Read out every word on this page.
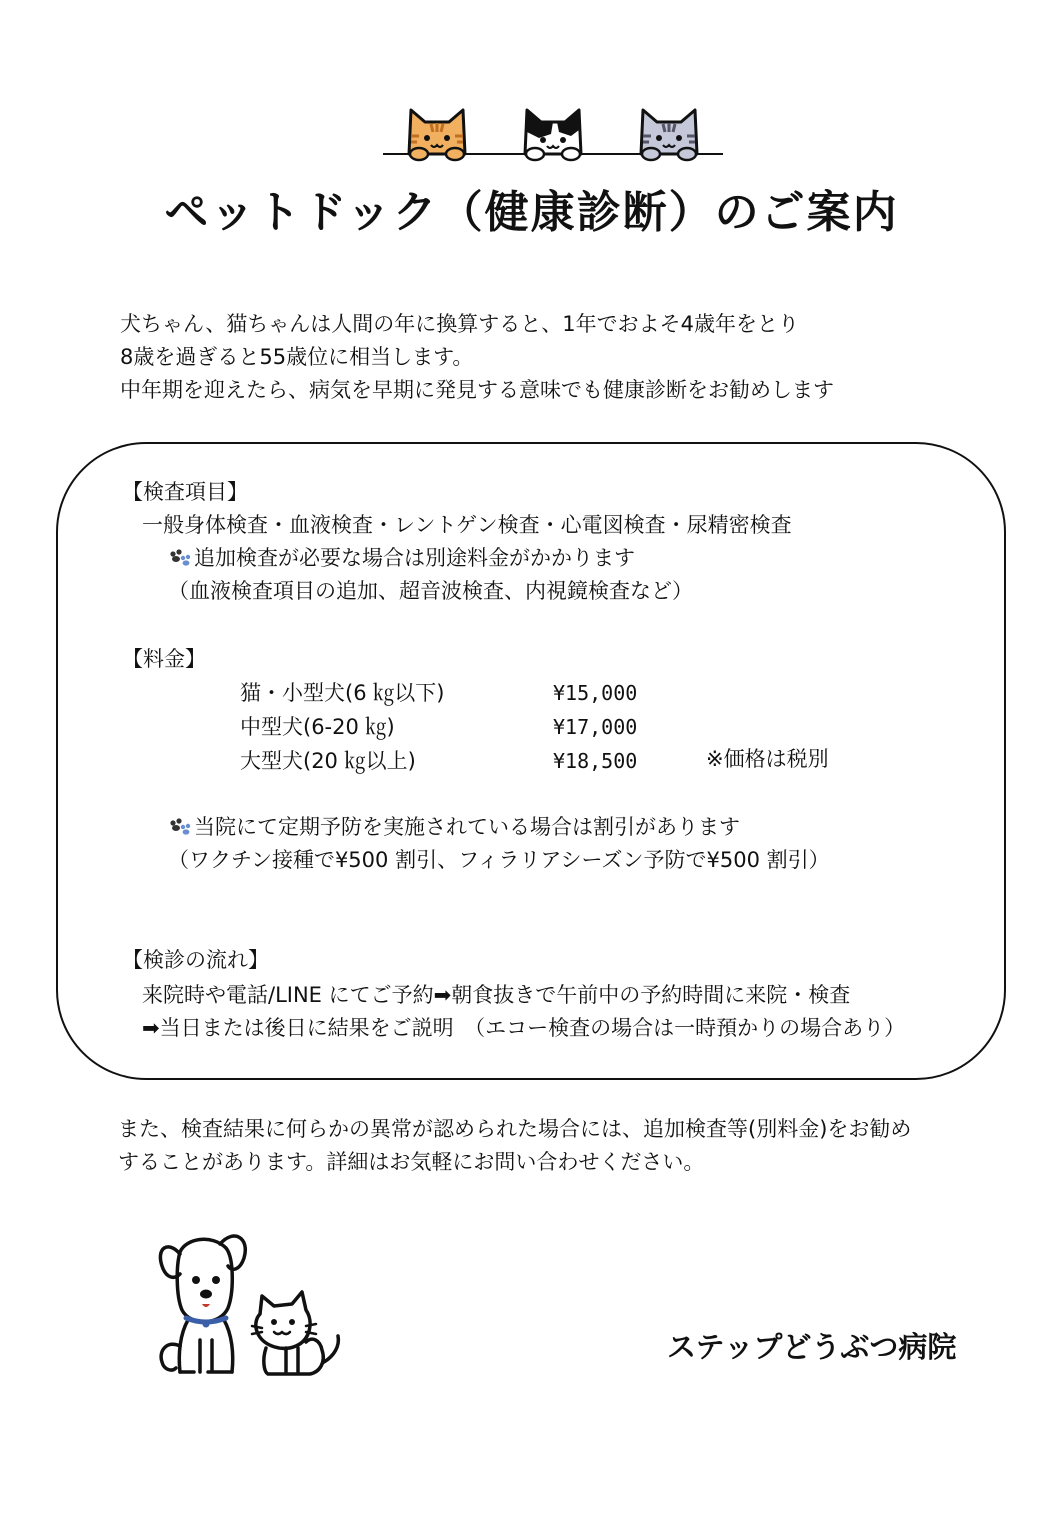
ペットドック（健康診断）のご案内
犬ちゃん、猫ちゃんは人間の年に換算すると、1年でおよそ4歳年をとり
8歳を過ぎると55歳位に相当します。
中年期を迎えたら、病気を早期に発見する意味でも健康診断をお勧めします
【検査項目】
一般身体検査・血液検査・レントゲン検査・心電図検査・尿精密検査
追加検査が必要な場合は別途料金がかかります
（血液検査項目の追加、超音波検査、内視鏡検査など）
【料金】
猫・小型犬(6 ㎏以下)	¥15,000
中型犬(6-20 ㎏)	¥17,000
大型犬(20 ㎏以上)	¥18,500	※価格は税別
当院にて定期予防を実施されている場合は割引があります
（ワクチン接種で¥500 割引、フィラリアシーズン予防で¥500 割引）
【検診の流れ】
来院時や電話/LINE にてご予約➡朝食抜きで午前中の予約時間に来院・検査
➡当日または後日に結果をご説明　（エコー検査の場合は一時預かりの場合あり）
また、検査結果に何らかの異常が認められた場合には、追加検査等(別料金)をお勧め
することがあります。詳細はお気軽にお問い合わせください。
ステップどうぶつ病院
